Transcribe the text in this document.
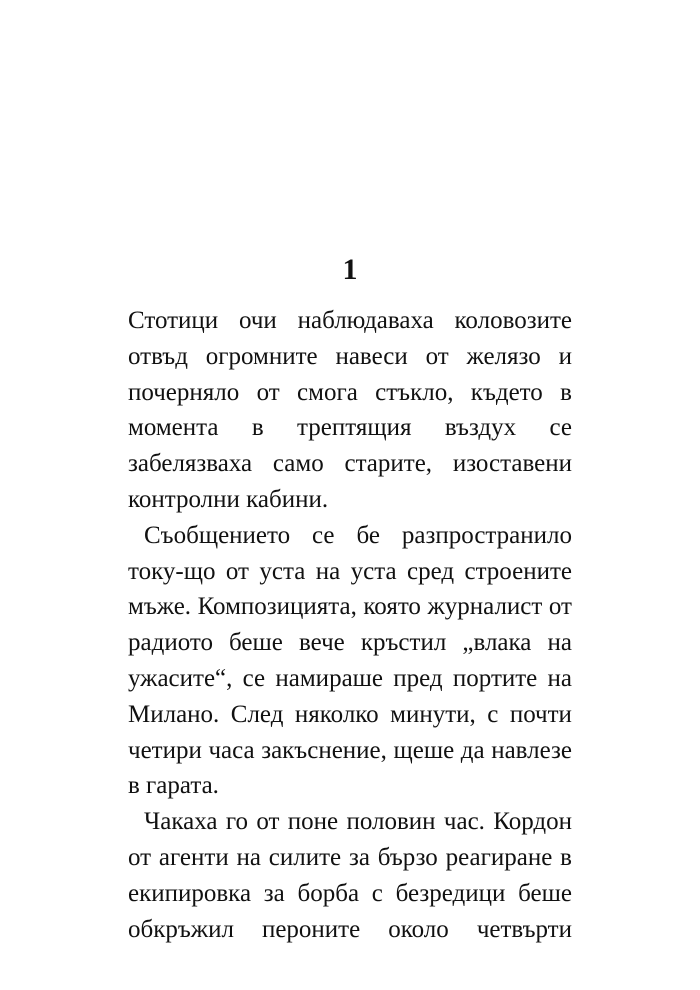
1
Стотици очи наблюдаваха коловозите
отвъд огромните навеси от желязо и
почерняло от смога стъкло, където в
момента в трептящия въздух се
забелязваха само старите, изоставени
контролни кабини.
Съобщението се бе разпространило
току-що от уста на уста сред строените
мъже. Композицията, която журналист от
радиото беше вече кръстил „влака на
ужасите“, се намираше пред портите на
Милано. След няколко минути, с почти
четири часа закъснение, щеше да навлезе
в гарата.
Чакаха го от поне половин час. Кордон
от агенти на силите за бързо реагиране в
екипировка за борба с безредици беше
обкръжил пероните около четвърти
